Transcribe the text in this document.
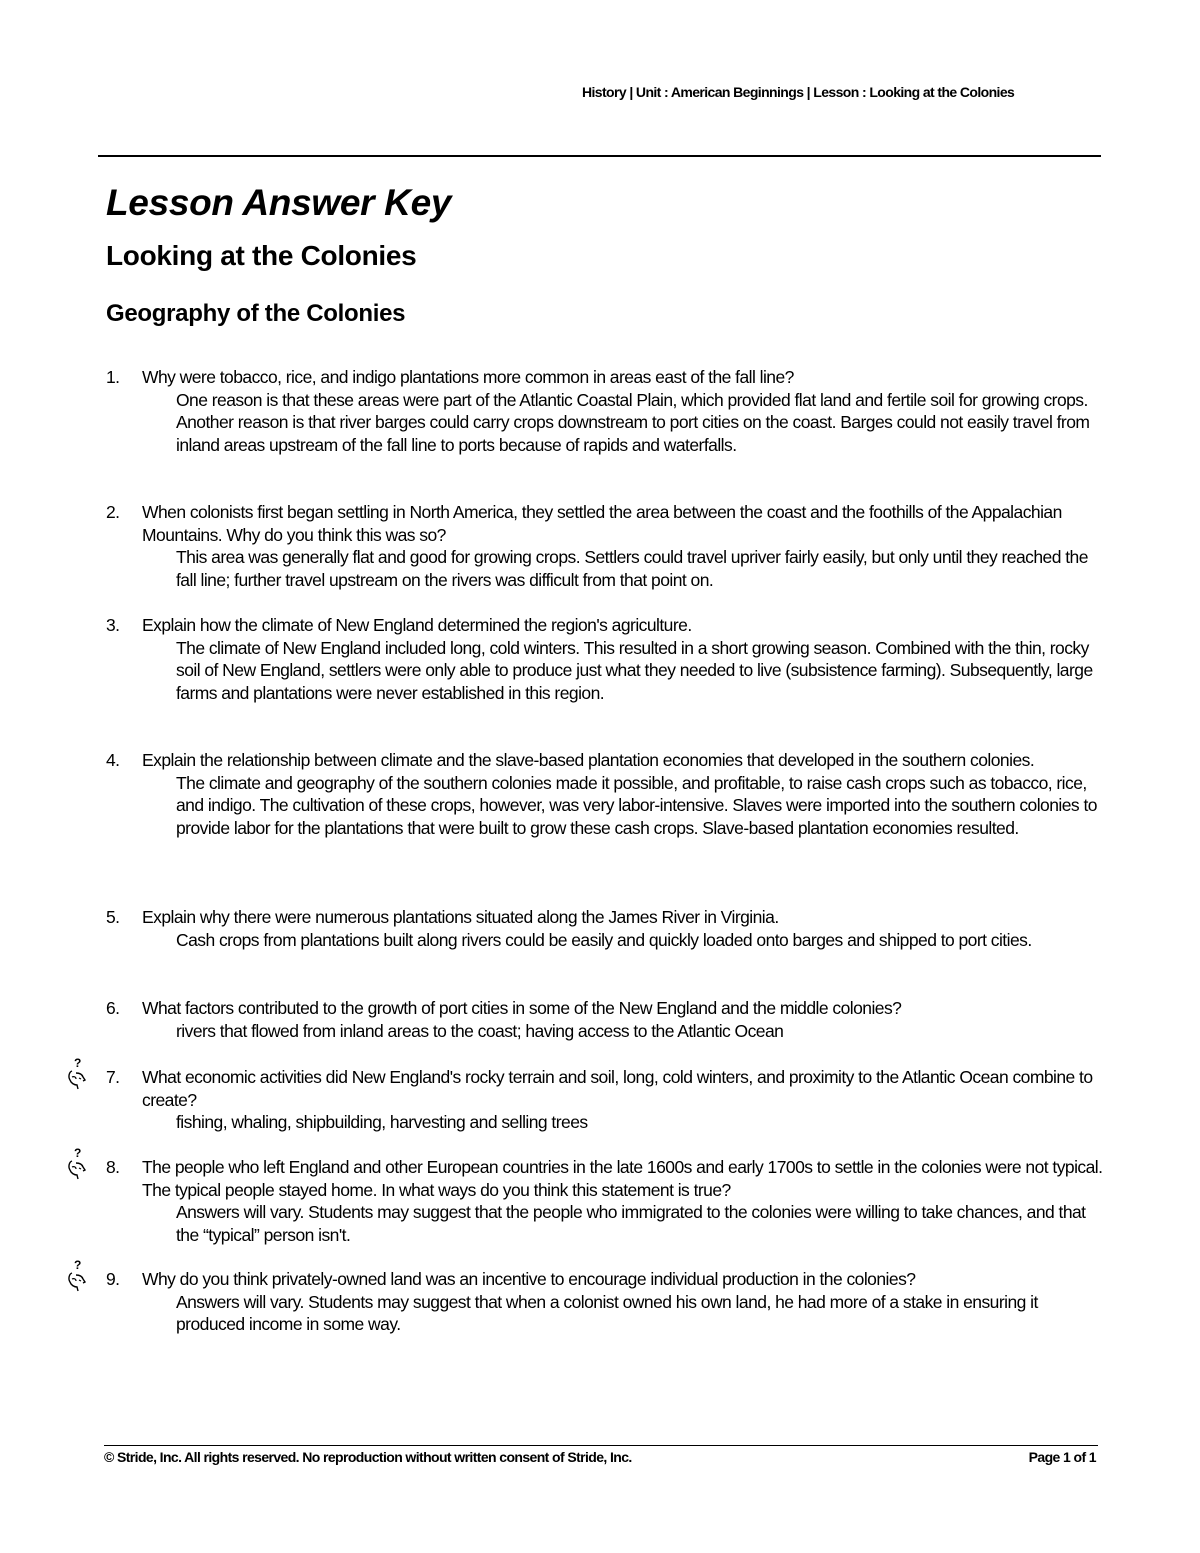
History | Unit : American Beginnings | Lesson : Looking at the Colonies
Lesson Answer Key
Looking at the Colonies
Geography of the Colonies
1. Why were tobacco, rice, and indigo plantations more common in areas east of the fall line?
One reason is that these areas were part of the Atlantic Coastal Plain, which provided flat land and fertile soil for growing crops. Another reason is that river barges could carry crops downstream to port cities on the coast. Barges could not easily travel from inland areas upstream of the fall line to ports because of rapids and waterfalls.
2. When colonists first began settling in North America, they settled the area between the coast and the foothills of the Appalachian Mountains. Why do you think this was so?
This area was generally flat and good for growing crops. Settlers could travel upriver fairly easily, but only until they reached the fall line; further travel upstream on the rivers was difficult from that point on.
3. Explain how the climate of New England determined the region's agriculture.
The climate of New England included long, cold winters. This resulted in a short growing season. Combined with the thin, rocky soil of New England, settlers were only able to produce just what they needed to live (subsistence farming). Subsequently, large farms and plantations were never established in this region.
4. Explain the relationship between climate and the slave-based plantation economies that developed in the southern colonies.
The climate and geography of the southern colonies made it possible, and profitable, to raise cash crops such as tobacco, rice, and indigo. The cultivation of these crops, however, was very labor-intensive. Slaves were imported into the southern colonies to provide labor for the plantations that were built to grow these cash crops. Slave-based plantation economies resulted.
5. Explain why there were numerous plantations situated along the James River in Virginia.
Cash crops from plantations built along rivers could be easily and quickly loaded onto barges and shipped to port cities.
6. What factors contributed to the growth of port cities in some of the New England and the middle colonies?
rivers that flowed from inland areas to the coast; having access to the Atlantic Ocean
?
7. What economic activities did New England's rocky terrain and soil, long, cold winters, and proximity to the Atlantic Ocean combine to create?
fishing, whaling, shipbuilding, harvesting and selling trees
?
8. The people who left England and other European countries in the late 1600s and early 1700s to settle in the colonies were not typical. The typical people stayed home. In what ways do you think this statement is true?
Answers will vary. Students may suggest that the people who immigrated to the colonies were willing to take chances, and that the “typical” person isn't.
?
9. Why do you think privately-owned land was an incentive to encourage individual production in the colonies?
Answers will vary. Students may suggest that when a colonist owned his own land, he had more of a stake in ensuring it produced income in some way.
© Stride, Inc. All rights reserved. No reproduction without written consent of Stride, Inc.	Page 1 of 1
